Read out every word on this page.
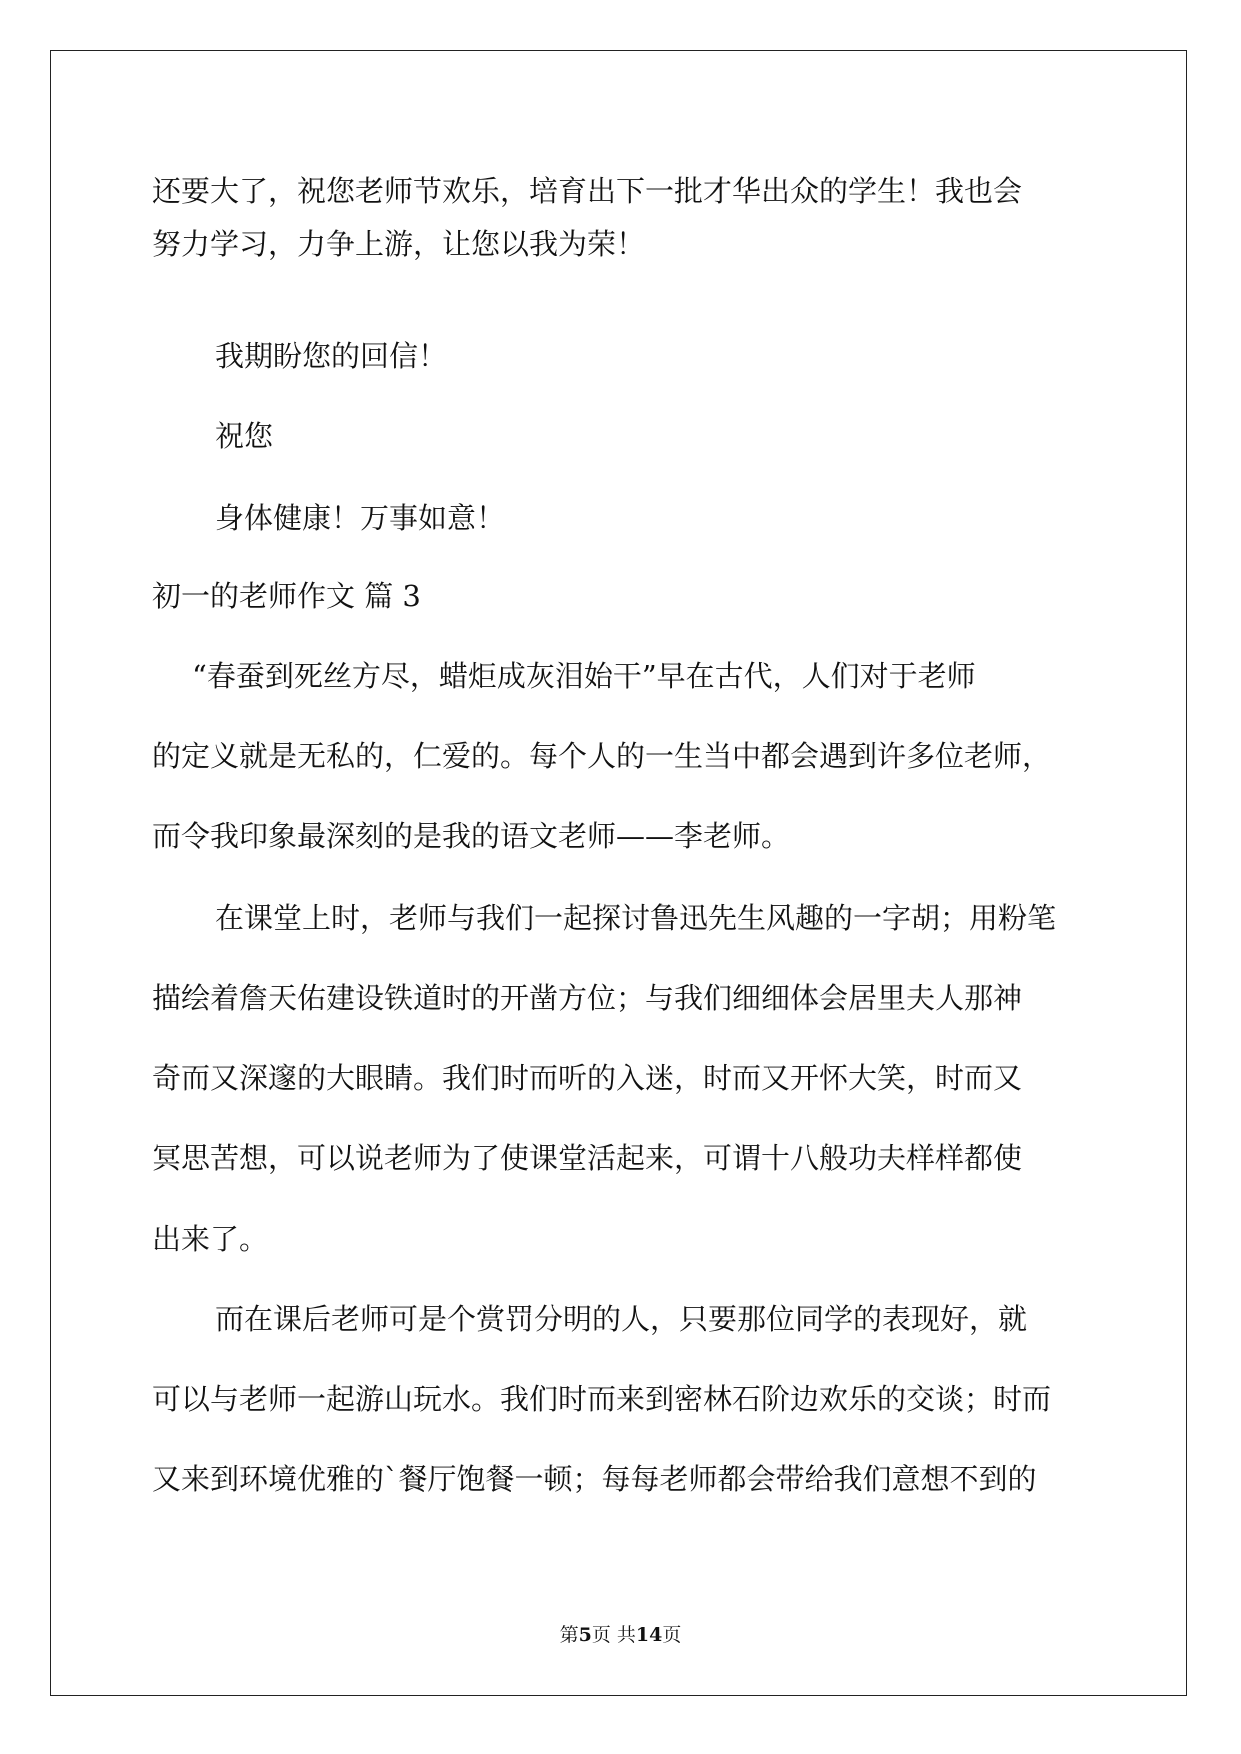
还要大了，祝您老师节欢乐，培育出下一批才华出众的学生！我也会
努力学习，力争上游，让您以我为荣！
我期盼您的回信！
祝您
身体健康！万事如意！
初一的老师作文 篇 3
“春蚕到死丝方尽，蜡炬成灰泪始干”早在古代，人们对于老师
的定义就是无私的，仁爱的。每个人的一生当中都会遇到许多位老师，
而令我印象最深刻的是我的语文老师——李老师。
在课堂上时，老师与我们一起探讨鲁迅先生风趣的一字胡；用粉笔
描绘着詹天佑建设铁道时的开凿方位；与我们细细体会居里夫人那神
奇而又深邃的大眼睛。我们时而听的入迷，时而又开怀大笑，时而又
冥思苦想，可以说老师为了使课堂活起来，可谓十八般功夫样样都使
出来了。
而在课后老师可是个赏罚分明的人，只要那位同学的表现好，就
可以与老师一起游山玩水。我们时而来到密林石阶边欢乐的交谈；时而
又来到环境优雅的`餐厅饱餐一顿；每每老师都会带给我们意想不到的
第5页 共14页
